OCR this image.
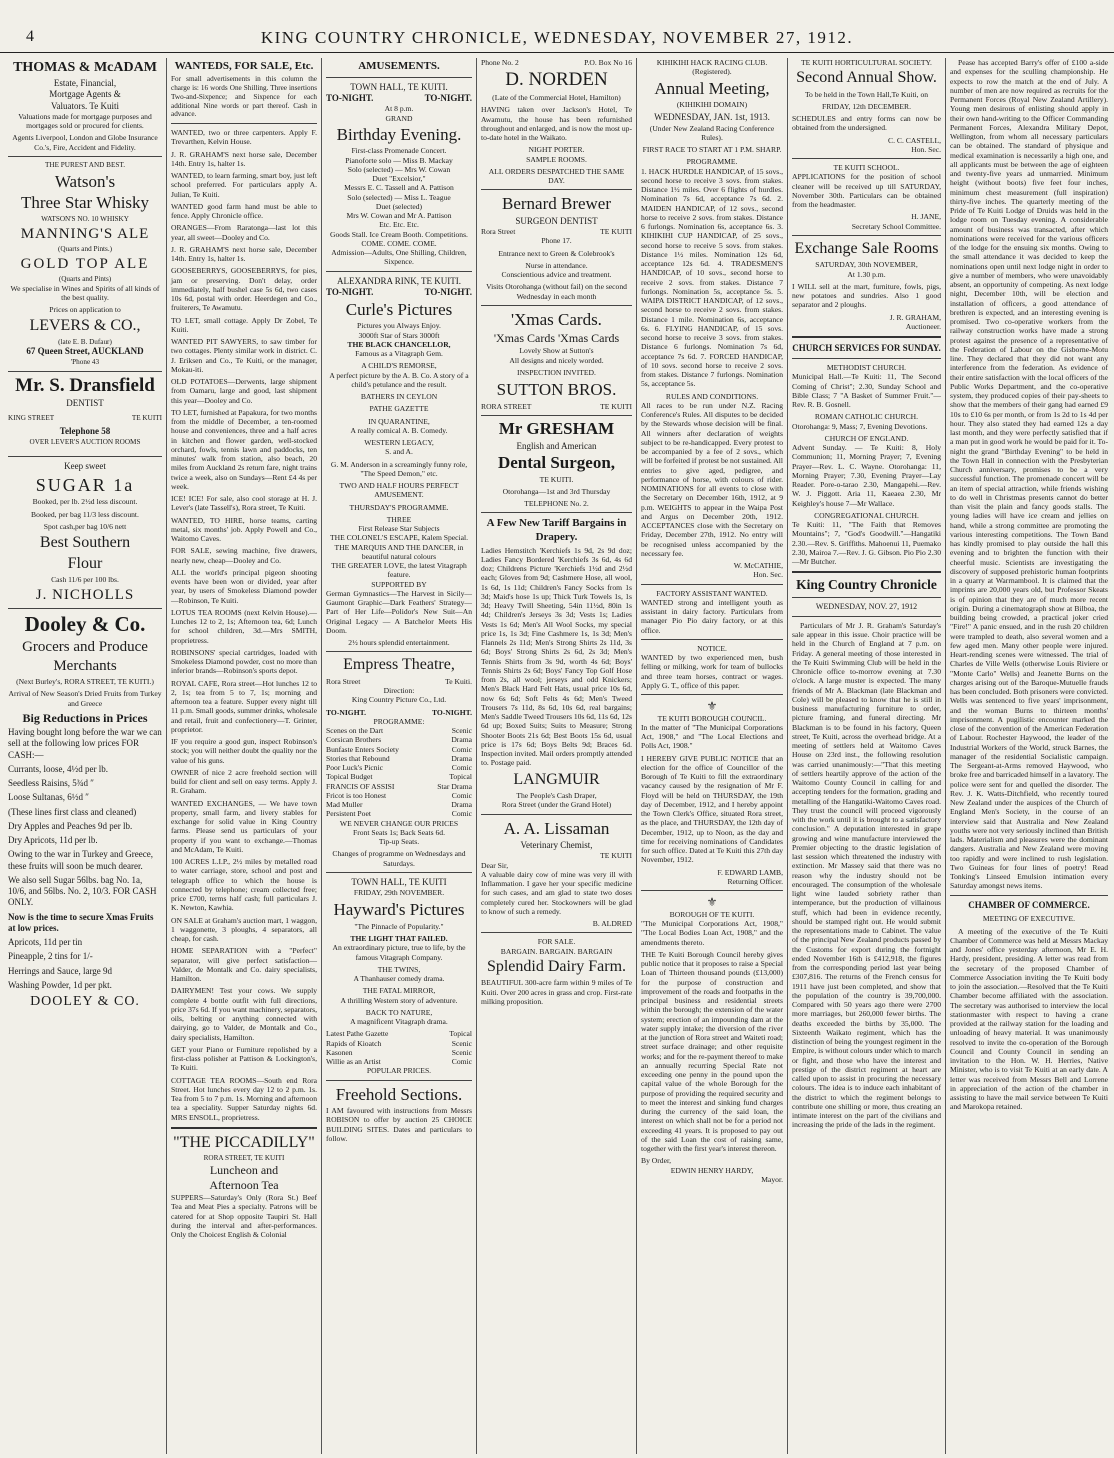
4	KING COUNTRY CHRONICLE, WEDNESDAY, NOVEMBER 27, 1912.
THOMAS & McADAM
Estate, Financial,
Mortgage Agents &
Valuators. Te Kuiti
Valuations made for mortgage purposes and mortgages sold or procured for clients.
Agents Liverpool, London and Globe Insurance Co.'s, Fire, Accident and Fidelity.
THE PUREST AND BEST.
Watson's
Three Star Whisky
WATSON'S NO. 10 WHISKY
MANNING'S ALE
(Quarts and Pints.)
GOLD TOP ALE
(Quarts and Pints)
We specialise in Wines and Spirits of all kinds of the best quality.
Prices on application to
LEVERS & CO.,
(late E. B. Dufaur)
67 Queen Street, AUCKLAND
'Phone 43
Mr. S. Dransfield
DENTIST
KING STREET	TE KUITI
Telephone 58
OVER LEVER'S AUCTION ROOMS
Keep sweet
SUGAR 1a
Booked, per lb. 2½d less discount.
Booked, per bag 11/3 less discount.
Spot cash,per bag 10/6 nett
Best Southern
Flour
Cash 11/6 per 100 lbs.
J. NICHOLLS
Dooley & Co.
Grocers and Produce
Merchants
(Next Burley's, RORA STREET, TE KUITI.)
Arrival of New Season's Dried Fruits from Turkey and Greece
Big Reductions in Prices
Having bought long before the war we can sell at the following low prices FOR CASH:—
Currants, loose, 4½d per lb.
Seedless Raisins, 5¾d ″
Loose Sultanas, 6½d ″
(These lines first class and cleaned)
Dry Apples and Peaches 9d per lb.
Dry Apricots, 11d per lb.
Owing to the war in Turkey and Greece, these fruits will soon be much dearer.
We also sell Sugar 56lbs. bag No. 1a, 10/6, and 56lbs. No. 2, 10/3. FOR CASH ONLY.
Now is the time to secure Xmas Fruits at low prices.
Apricots, 11d per tin
Pineapple, 2 tins for 1/-
Herrings and Sauce, large 9d
Washing Powder, 1d per pkt.
DOOLEY & CO.
WANTEDS, FOR SALE, Etc.
For small advertisements in this column the charge is: 16 words One Shilling. Three insertions Two-and-Sixpence; and Sixpence for each additional Nine words or part thereof. Cash in advance.
WANTED, two or three carpenters. Apply F. Trevarthen, Kelvin House.
J. R. GRAHAM'S next horse sale, December 14th. Entry 1s, halter 1s.
WANTED, to learn farming, smart boy, just left school preferred. For particulars apply A. Julian, Te Kuiti.
WANTED good farm hand must be able to fence. Apply Chronicle office.
ORANGES—From Raratonga—last lot this year, all sweet—Dooley and Co.
J. R. GRAHAM'S next horse sale, December 14th. Entry 1s, halter 1s.
GOOSEBERRYS, GOOSEBERRYS, for pies, jam or preserving. Don't delay, order immediately, half bushel case 5s 6d, two cases 10s 6d, postal with order. Heerdegen and Co., fruiterers, Te Awamutu.
TO LET, small cottage. Apply Dr Zobel, Te Kuiti.
WANTED PIT SAWYERS, to saw timber for two cottages. Plenty similar work in district. C. J. Eriksen and Co., Te Kuiti, or the manager, Mokau-iti.
OLD POTATOES—Derwents, large shipment from Oamaru, large and good, last shipment this year—Dooley and Co.
TO LET, furnished at Papakura, for two months from the middle of December, a ten-roomed house and conveniences, three and a half acres in kitchen and flower garden, well-stocked orchard, fowls, tennis lawn and paddocks, ten minutes' walk from station, also beach, 20 miles from Auckland 2s return fare, night trains twice a week, also on Sundays—Rent £4 4s per week.
ICE! ICE! For sale, also cool storage at H. J. Lever's (late Tassell's), Rora street, Te Kuiti.
WANTED, TO HIRE, horse teams, carting metal, six months' job. Apply Powell and Co., Waitomo Caves.
FOR SALE, sewing machine, five drawers, nearly new, cheap—Dooley and Co.
ALL the world's principal pigeon shooting events have been won or divided, year after year, by users of Smokeless Diamond powder—Robinson, Te Kuiti.
LOTUS TEA ROOMS (next Kelvin House).—Lunches 12 to 2, 1s; Afternoon tea, 6d; Lunch for school children, 3d.—Mrs SMITH, proprietress.
ROBINSONS' special cartridges, loaded with Smokeless Diamond powder, cost no more than inferior brands—Robinson's sports depot.
ROYAL CAFE, Rora street—Hot lunches 12 to 2, 1s; tea from 5 to 7, 1s; morning and afternoon tea a feature. Supper every night till 11 p.m. Small goods, summer drinks, wholesale and retail, fruit and confectionery—T. Grinter, proprietor.
IF you require a good gun, inspect Robinson's stock; you will neither doubt the quality nor the value of his guns.
OWNER of nice 2 acre freehold section will build for client and sell on easy terms. Apply J. R. Graham.
WANTED EXCHANGES, — We have town property, small farm, and livery stables for exchange for solid value in King Country farms. Please send us particulars of your property if you want to exchange.—Thomas and McAdam, Te Kuiti.
100 ACRES L.I.P., 2½ miles by metalled road to water carriage, store, school and post and telegraph office to which the house is connected by telephone; cream collected free; price £700, terms half cash; full particulars J. K. Newton, Kawhia.
ON SALE at Graham's auction mart, 1 waggon, 1 waggonette, 3 ploughs, 4 separators, all cheap, for cash.
HOME SEPARATION with a "Perfect" separator, will give perfect satisfaction—Valder, de Montalk and Co. dairy specialists, Hamilton.
DAIRYMEN! Test your cows. We supply complete 4 bottle outfit with full directions, price 37s 6d. If you want machinery, separators, oils, belting or anything connected with dairying, go to Valder, de Montalk and Co., dairy specialists, Hamilton.
GET your Piano or Furniture repolished by a first-class polisher at Pattison & Lockington's, Te Kuiti.
COTTAGE TEA ROOMS—South end Rora Street. Hot lunches every day 12 to 2 p.m. 1s. Tea from 5 to 7 p.m. 1s. Morning and afternoon tea a speciality. Supper Saturday nights 6d. MRS ENSOLL, proprietress.
"THE PICCADILLY"
RORA STREET, TE KUITI
Luncheon and
Afternoon Tea
SUPPERS—Saturday's Only (Rora St.) Beef Tea and Meat Pies a specialty. Patrons will be catered for at Shop opposite Taupiri St. Hall during the interval and after-performances. Only the Choicest English & Colonial
AMUSEMENTS.
TOWN HALL, TE KUITI.
TO-NIGHT.	TO-NIGHT.
At 8 p.m.
GRAND
Birthday Evening.
First-class Promenade Concert.
Pianoforte solo — Miss B. Mackay
Solo (selected) — Mrs W. Cowan
Duet "Excelsior,"
Messrs E. C. Tassell and A. Pattison
Solo (selected) — Miss L. Teague
Duet (selected)
Mrs W. Cowan and Mr A. Pattison
Etc. Etc. Etc.
Goods Stall. Ice Cream Booth. Competitions.
COME. COME. COME.
Admission—Adults, One Shilling, Children, Sixpence.
ALEXANDRA RINK, TE KUITI.
TO-NIGHT.	TO-NIGHT.
Curle's Pictures
Pictures you Always Enjoy.
3000ft Star of Stars 3000ft
THE BLACK CHANCELLOR,
Famous as a Vitagraph Gem.
A CHILD'S REMORSE,
A perfect picture by the A. B. Co. A story of a child's petulance and the result.
BATHERS IN CEYLON
PATHE GAZETTE
IN QUARANTINE,
A really comical A. B. Comedy.
WESTERN LEGACY,
S. and A.
G. M. Anderson in a screamingly funny role, "The Speed Demon," etc.
TWO AND HALF HOURS PERFECT AMUSEMENT.
THURSDAY'S PROGRAMME.
THREE
First Release Star Subjects
THE COLONEL'S ESCAPE, Kalem Special.
THE MARQUIS AND THE DANCER, in beautiful natural colours
THE GREATER LOVE, the latest Vitagraph feature.
SUPPORTED BY
German Gymnastics—The Harvest in Sicily—Gaumont Graphic—Dark Feathers' Strategy—Part of Her Life—Polidor's New Suit—An Original Legacy — A Batchelor Meets His Doom.
2½ hours splendid entertainment.
Empress Theatre,
Rora Street	Te Kuiti.
Direction:
King Country Picture Co., Ltd.
TO-NIGHT.	TO-NIGHT.
PROGRAMME:
Scenes on the Dart	Scenic
Corsican Brothers	Drama
Bunfaste Enters Society	Comic
Stories that Rebound	Drama
Poor Luck's Picnic	Comic
Topical Budget	Topical
FRANCIS OF ASSISI	Star Drama
Fricot is too Honest	Comic
Mad Muller	Drama
Persistent Poet	Comic
WE NEVER CHANGE OUR PRICES
Front Seats 1s; Back Seats 6d.
Tip-up Seats.
Changes of programme on Wednesdays and Saturdays.
TOWN HALL, TE KUITI
FRIDAY, 29th NOVEMBER.
Hayward's Pictures
"The Pinnacle of Popularity."
THE LIGHT THAT FAILED.
An extraordinary picture, true to life, by the famous Vitagraph Company.
THE TWINS,
A Thanhauser comedy drama.
THE FATAL MIRROR,
A thrilling Western story of adventure.
BACK TO NATURE,
A magnificent Vitagraph drama.
Latest Pathe Gazette	Topical
Rapids of Kioatch	Scenic
Kasonen	Scenic
Willie as an Artist	Comic
POPULAR PRICES.
Freehold Sections.
I AM favoured with instructions from Messrs ROBISON to offer by auction 25 CHOICE BUILDING SITES. Dates and particulars to follow.
Phone No. 2	P.O. Box No 16
D. NORDEN
(Late of the Commercial Hotel, Hamilton)
HAVING taken over Jackson's Hotel, Te Awamutu, the house has been refurnished throughout and enlarged, and is now the most up-to-date hotel in the Waikato.
NIGHT PORTER.
SAMPLE ROOMS.
ALL ORDERS DESPATCHED THE SAME DAY.
Bernard Brewer
SURGEON DENTIST
Rora Street	TE KUITI
Phone 17.
Entrance next to Green & Colebrook's
Nurse in attendance.
Conscientious advice and treatment.
Visits Otorohanga (without fail) on the second Wednesday in each month
'Xmas Cards.
'Xmas Cards 'Xmas Cards
Lovely Show at Sutton's
All designs and nicely worded.
INSPECTION INVITED.
SUTTON BROS.
RORA STREET	TE KUITI
Mr GRESHAM
English and American
Dental Surgeon,
TE KUITI.
Otorohanga—1st and 3rd Thursday
TELEPHONE No. 2.
A Few New Tariff Bargains in Drapery.
Ladies Hemstitch 'Kerchiefs 1s 9d, 2s 9d doz; Ladies Fancy Bordered 'Kerchiefs 3s 6d, 4s 6d doz; Childrens Picture 'Kerchiefs 1½d and 2½d each; Gloves from 9d; Cashmere Hose, all wool, 1s 6d, 1s 11d; Children's Fancy Socks from 1s 3d; Maid's hose 1s up; Thick Turk Towels 1s, 1s 3d; Heavy Twill Sheeting, 54in 11½d, 80in 1s 4d; Children's Jerseys 3s 3d; Vests 1s; Ladies Vests 1s 6d; Men's All Wool Socks, my special price 1s, 1s 3d; Fine Cashmere 1s, 1s 3d; Men's Flannels 2s 11d; Men's Strong Shirts 2s 11d, 3s 6d; Boys' Strong Shirts 2s 6d, 2s 3d; Men's Tennis Shirts from 3s 9d, worth 4s 6d; Boys' Tennis Shirts 2s 6d; Boys' Fancy Top Golf Hose from 2s, all wool; jerseys and odd Knickers; Men's Black Hard Felt Hats, usual price 10s 6d, now 6s 6d; Soft Felts 4s 6d; Men's Tweed Trousers 7s 11d, 8s 6d, 10s 6d, real bargains; Men's Saddle Tweed Trousers 10s 6d, 11s 6d, 12s 6d up; Boxed Suits; Suits to Measure; Strong Shooter Boots 21s 6d; Best Boots 15s 6d, usual price is 17s 6d; Boys Belts 9d; Braces 6d. Inspection invited. Mail orders promptly attended to. Postage paid.
LANGMUIR
The People's Cash Draper,
Rora Street (under the Grand Hotel)
A. A. Lissaman
Veterinary Chemist,
TE KUITI
Dear Sir,
A valuable dairy cow of mine was very ill with Inflammation. I gave her your specific medicine for such cases, and am glad to state two doses completely cured her. Stockowners will be glad to know of such a remedy.
B. ALDRED
FOR SALE.
BARGAIN. BARGAIN. BARGAIN
Splendid Dairy Farm.
BEAUTIFUL 300-acre farm within 9 miles of Te Kuiti. Over 200 acres in grass and crop. First-rate milking proposition.
KIHIKIHI HACK RACING CLUB.
(Registered).
Annual Meeting,
(KIHIKIHI DOMAIN)
WEDNESDAY, JAN. 1st, 1913.
(Under New Zealand Racing Conference Rules).
FIRST RACE TO START AT 1 P.M. SHARP.
PROGRAMME.
1. HACK HURDLE HANDICAP, of 15 sovs., second horse to receive 3 sovs. from stakes. Distance 1½ miles. Over 6 flights of hurdles. Nomination 7s 6d, acceptance 7s 6d. 2. MAIDEN HANDICAP, of 12 sovs., second horse to receive 2 sovs. from stakes. Distance 6 furlongs. Nomination 6s, acceptance 6s. 3. KIHIKIHI CUP HANDICAP, of 25 sovs., second horse to receive 5 sovs. from stakes. Distance 1½ miles. Nomination 12s 6d, acceptance 12s 6d. 4. TRADESMEN'S HANDICAP, of 10 sovs., second horse to receive 2 sovs. from stakes. Distance 7 furlongs. Nomination 5s, acceptance 5s. 5. WAIPA DISTRICT HANDICAP, of 12 sovs., second horse to receive 2 sovs. from stakes. Distance 1 mile. Nomination 6s, acceptance 6s. 6. FLYING HANDICAP, of 15 sovs. second horse to receive 3 sovs. from stakes. Distance 6 furlongs. Nomination 7s 6d, acceptance 7s 6d. 7. FORCED HANDICAP, of 10 sovs. second horse to receive 2 sovs. from stakes. Distance 7 furlongs. Nomination 5s, acceptance 5s.
RULES AND CONDITIONS.
All races to be run under N.Z. Racing Conference's Rules. All disputes to be decided by the Stewards whose decision will be final. All winners after declaration of weights subject to be re-handicapped. Every protest to be accompanied by a fee of 2 sovs., which will be forfeited if protest be not sustained. All entries to give aged, pedigree, and performance of horse, with colours of rider. NOMINATIONS for all events to close with the Secretary on December 16th, 1912, at 9 p.m. WEIGHTS to appear in the Waipa Post and Argus on December 20th, 1912. ACCEPTANCES close with the Secretary on Friday, December 27th, 1912. No entry will be recognised unless accompanied by the necessary fee.
W. McCATHIE,
Hon. Sec.
FACTORY ASSISTANT WANTED.
WANTED strong and intelligent youth as assistant in dairy factory. Particulars from manager Pio Pio dairy factory, or at this office.
NOTICE.
WANTED by two experienced men, bush felling or milking, work for team of bullocks and three team horses, contract or wages. Apply G. T., office of this paper.
⚜
TE KUITI BOROUGH COUNCIL.
In the matter of "The Municipal Corporations Act, 1908," and "The Local Elections and Polls Act, 1908."
I HEREBY GIVE PUBLIC NOTICE that an election for the office of Councillor of the Borough of Te Kuiti to fill the extraordinary vacancy caused by the resignation of Mr F. Floyd will be held on THURSDAY, the 19th day of December, 1912, and I hereby appoint the Town Clerk's Office, situated Rora street, as the place, and THURSDAY, the 12th day of December, 1912, up to Noon, as the day and time for receiving nominations of Candidates for such office. Dated at Te Kuiti this 27th day November, 1912.
F. EDWARD LAMB,
Returning Officer.
⚜
BOROUGH OF TE KUITI.
"The Municipal Corporations Act, 1908," "The Local Bodies Loan Act, 1908," and the amendments thereto.
THE Te Kuiti Borough Council hereby gives public notice that it proposes to raise a Special Loan of Thirteen thousand pounds (£13,000) for the purpose of construction and improvement of the roads and footpaths in the principal business and residential streets within the borough; the extension of the water system; erection of an impounding dam at the water supply intake; the diversion of the river at the junction of Rora street and Waiteti road; street surface drainage; and other requisite works; and for the re-payment thereof to make an annually recurring Special Rate not exceeding one penny in the pound upon the capital value of the whole Borough for the purpose of providing the required security and to meet the interest and sinking fund charges during the currency of the said loan, the interest on which shall not be for a period not exceeding 41 years. It is proposed to pay out of the said Loan the cost of raising same, together with the first year's interest thereon.
By Order,
EDWIN HENRY HARDY,
Mayor.
TE KUITI HORTICULTURAL SOCIETY.
Second Annual Show.
To be held in the Town Hall,Te Kuiti, on
FRIDAY, 12th DECEMBER.
SCHEDULES and entry forms can now be obtained from the undersigned.
C. C. CASTELL,
Hon. Sec.
TE KUITI SCHOOL.
APPLICATIONS for the position of school cleaner will be received up till SATURDAY, November 30th. Particulars can be obtained from the headmaster.
H. JANE,
Secretary School Committee.
Exchange Sale Rooms
SATURDAY, 30th NOVEMBER,
At 1.30 p.m.
I WILL sell at the mart, furniture, fowls, pigs, new potatoes and sundries. Also 1 good separator and 2 ploughs.
J. R. GRAHAM,
Auctioneer.
CHURCH SERVICES FOR SUNDAY.
METHODIST CHURCH.
Municipal Hall.—Te Kuiti: 11, The Second Coming of Christ"; 2.30, Sunday School and Bible Class; 7 "A Basket of Summer Fruit."—Rev. R. B. Gosnell.
ROMAN CATHOLIC CHURCH.
Otorohanga: 9, Mass; 7, Evening Devotions.
CHURCH OF ENGLAND.
Advent Sunday. — Te Kuiti: 8, Holy Communion; 11, Morning Prayer; 7, Evening Prayer—Rev. L. C. Wayne. Otorohanga: 11, Morning Prayer; 7.30, Evening Prayer—Lay Reader. Pore-o-tarao 2.30, Mangapehi.—Rev. W. J. Piggott. Aria 11, Kaeaea 2.30, Mr Keighley's house 7—Mr Wallace.
CONGREGATIONAL CHURCH.
Te Kuiti: 11, "The Faith that Removes Mountains"; 7, "God's Goodwill."—Hangatiki 2.30.—Rev. S. Griffiths. Mahoenui 11, Puemako 2.30, Mairoa 7.—Rev. J. G. Gibson. Pio Pio 2.30—Mr Butcher.
King Country Chronicle
WEDNESDAY, NOV. 27, 1912
Particulars of Mr J. R. Graham's Saturday's sale appear in this issue. Choir practice will be held in the Church of England at 7 p.m. on Friday. A general meeting of those interested in the Te Kuiti Swimming Club will be held in the Chronicle office to-morrow evening at 7.30 o'clock. A large muster is expected. The many friends of Mr A. Blackman (late Blackman and Cole) will be pleased to know that he is still in business manufacturing furniture to order, picture framing, and funeral directing. Mr Blackman is to be found in his factory, Queen street, Te Kuiti, across the overhead bridge. At a meeting of settlers held at Waitomo Caves House on 23rd inst., the following resolution was carried unanimously:—"That this meeting of settlers heartily approve of the action of the Waitomo County Council in calling for and accepting tenders for the formation, grading and metalling of the Hangatiki-Waitomo Caves road. They trust the council will proceed vigorously with the work until it is brought to a satisfactory conclusion." A deputation interested in grape growing and wine manufacture interviewed the Premier objecting to the drastic legislation of last session which threatened the industry with extinction. Mr Massey said that there was no reason why the industry should not be encouraged. The consumption of the wholesale light wine lauded sobriety rather than intemperance, but the production of villainous stuff, which had been in evidence recently, should be stamped right out. He would submit the representations made to Cabinet. The value of the principal New Zealand products passed by the Customs for export during the fortnight ended November 16th is £412,918, the figures from the corresponding period last year being £307,816. The returns of the French census for 1911 have just been completed, and show that the population of the country is 39,700,000. Compared with 50 years ago there were 2700 more marriages, but 260,000 fewer births. The deaths exceeded the births by 35,000. The Sixteenth Waikato regiment, which has the distinction of being the youngest regiment in the Empire, is without colours under which to march or fight, and those who have the interest and prestige of the district regiment at heart are called upon to assist in procuring the necessary colours. The idea is to induce each inhabitant of the district to which the regiment belongs to contribute one shilling or more, thus creating an intimate interest on the part of the civilians and increasing the pride of the lads in the regiment.
Pease has accepted Barry's offer of £100 a-side and expenses for the sculling championship. He expects to row the match at the end of July. A number of men are now required as recruits for the Permanent Forces (Royal New Zealand Artillery). Young men desirous of enlisting should apply in their own hand-writing to the Officer Commanding Permanent Forces, Alexandra Military Depot, Wellington, from whom all necessary particulars can be obtained. The standard of physique and medical examination is necessarily a high one, and all applicants must be between the age of eighteen and twenty-five years ad unmarried. Minimum height (without boots) five feet four inches, minimum chest measurement (full inspiration) thirty-five inches. The quarterly meeting of the Pride of Te Kuiti Lodge of Druids was held in the lodge room on Tuesday evening. A considerable amount of business was transacted, after which nominations were received for the various officers of the lodge for the ensuing six months. Owing to the small attendance it was decided to keep the nominations open until next lodge night in order to give a number of members, who were unavoidably absent, an opportunity of competing. As next lodge night, December 10th, will be election and installation of officers, a good attendance of brethren is expected, and an interesting evening is promised. Two co-operative workers from the railway construction works have made a strong protest against the presence of a representative of the Federation of Labour on the Gisborne-Motu line. They declared that they did not want any interference from the federation. As evidence of their entire satisfaction with the local officers of the Public Works Department, and the co-operative system, they produced copies of their pay-sheets to show that the members of their gang had earned £9 10s to £10 6s per month, or from 1s 2d to 1s 4d per hour. They also stated they had earned 12s a day last month, and they were perfectly satisfied that if a man put in good work he would be paid for it. To-night the grand "Birthday Evening" to be held in the Town Hall in connection with the Presbyterian Church anniversary, promises to be a very successful function. The promenade concert will be an item of special attraction, while friends wishing to do well in Christmas presents cannot do better than visit the plain and fancy goods stalls. The young ladies will have ice cream and jellies on hand, while a strong committee are promoting the various interesting competitions. The Town Band has kindly promised to play outside the hall this evening and to brighten the function with their cheerful music. Scientists are investigating the discovery of supposed prehistoric human footprints in a quarry at Warrnambool. It is claimed that the imprints are 20,000 years old, but Professor Skeats is of opinion that they are of much more recent origin. During a cinematograph show at Bilboa, the building being crowded, a practical joker cried "Fire!" A panic ensued, and in the rush 20 children were trampled to death, also several women and a few aged men. Many other people were injured. Heart-rending scenes were witnessed. The trial of Charles de Ville Wells (otherwise Louis Riviere or "Monte Carlo" Wells) and Jeanette Burns on the charges arising out of the Baroque-Mutuelle frauds has been concluded. Both prisoners were convicted. Wells was sentenced to five years' imprisonment, and the woman Burns to thirteen months' imprisonment. A pugilistic encounter marked the close of the convention of the American Federation of Labour. Rochester Haywood, the leader of the Industrial Workers of the World, struck Barnes, the manager of the residential Socialistic campaign. The Sergeant-at-Arms removed Haywood, who broke free and barricaded himself in a lavatory. The police were sent for and quelled the disorder. The Rev. J. K. Watts-Ditchfield, who recently toured New Zealand under the auspices of the Church of England Men's Society, in the course of an interview said that Australia and New Zealand youths were not very seriously inclined than British lads. Materialism and pleasures were the dominant dangers. Australia and New Zealand were moving too rapidly and were inclined to rush legislation. Two Guineas for four lines of poetry! Read Tonking's Linseed Emulsion intimation every Saturday amongst news items.
CHAMBER OF COMMERCE.
MEETING OF EXECUTIVE.
A meeting of the executive of the Te Kuiti Chamber of Commerce was held at Messrs Mackay and Jones' office yesterday afternoon, Mr E. H. Hardy, president, presiding. A letter was read from the secretary of the proposed Chamber of Commerce Association inviting the Te Kuiti body to join the association.—Resolved that the Te Kuiti Chamber become affiliated with the association. The secretary was authorised to interview the local stationmaster with respect to having a crane provided at the railway station for the loading and unloading of heavy material. It was unanimously resolved to invite the co-operation of the Borough Council and County Council in sending an invitation to the Hon. W. H. Herries, Native Minister, who is to visit Te Kuiti at an early date. A letter was received from Messrs Bell and Lorrene in appreciation of the action of the chamber in assisting to have the mail service between Te Kuiti and Marokopa retained.
